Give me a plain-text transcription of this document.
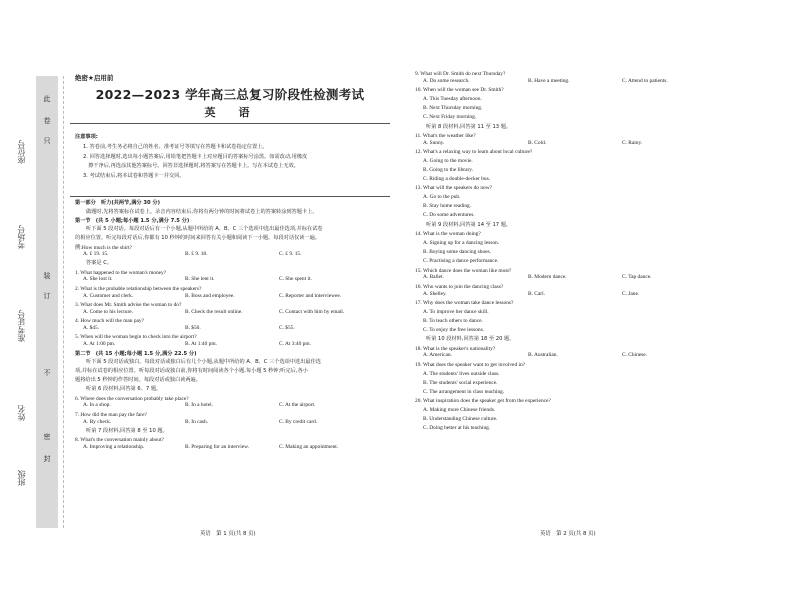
此
卷
只
装
订
不
密
封
准考证号
考场号
座位号
姓名
班级
绝密★启用前
2022—2023 学年高三总复习阶段性检测考试
英　语

注意事项:

1. 答卷前,考生务必将自己的姓名、准考证号等填写在答题卡和试卷指定位置上。

2. 回答选择题时,选出每小题答案后,用铅笔把答题卡上对应题目的答案标号涂黑。如需改动,用橡皮

　擦干净后,再选涂其他答案标号。回答非选择题时,将答案写在答题卡上。写在本试卷上无效。

3. 考试结束后,将本试卷和答题卡一并交回。

第一部分　听力(共两节,满分 30 分)

做题时,先将答案标在试卷上。录音内容结束后,你将有两分钟的时间将试卷上的答案转涂到答题卡上。

第一节　(共 5 小题;每小题 1.5 分,满分 7.5 分)

听下面 5 段对话。每段对话后有一个小题,从题中所给的 A、B、C 三个选项中选出最佳选项,并标在试卷

的相应位置。听完每段对话后,你都有 10 秒钟的时间来回答有关小题和阅读下一小题。每段对话仅读一遍。

例:How much is the shirt?

A. £ 19. 15.	B. £ 9. 18.	C. £ 9. 15.

答案是 C。

1. What happened to the woman's money?

A. She lost it.	B. She lent it.	C. She spent it.

2. What is the probable relationship between the speakers?

A. Customer and clerk.	B. Boss and employee.	C. Reporter and interviewee.

3. What does Mr. Smith advise the woman to do?

A. Come to his lecture.	B. Check the result online.	C. Contact with him by email.

4. How much will the man pay?

A. $45.	B. $50.	C. $55.

5. When will the woman begin to check into the airport?

A. At 1:00 pm.	B. At 1:40 pm.	C. At 3:40 pm.

第二节　(共 15 小题;每小题 1.5 分,满分 22.5 分)

听下面 5 段对话或独白。每段对话或独白后有几个小题,从题中所给的 A、B、C 三个选项中选出最佳选

项,并标在试卷的相应位置。听每段对话或独白前,你将有时间阅读各个小题,每小题 5 秒钟;听完后,各小

题将给出 5 秒钟的作答时间。每段对话或独白读两遍。

听第 6 段材料,回答第 6、7 题。

6. Where does the conversation probably take place?

A. In a shop.	B. In a hotel.	C. At the airport.

7. How did the man pay the fare?

A. By check.	B. In cash.	C. By credit card.

听第 7 段材料,回答第 8 至 10 题。

8. What's the conversation mainly about?

A. Improving a relationship.	B. Preparing for an interview.	C. Making an appointment.

9. What will Dr. Smith do next Thursday?

A. Do some research.	B. Have a meeting.	C. Attend to patients.

10. When will the woman see Dr. Smith?

A. This Tuesday afternoon.

B. Next Thursday morning.

C. Next Friday morning.

听第 8 段材料,回答第 11 至 13 题。

11. What's the weather like?

A. Sunny.	B. Cold.	C. Rainy.

12. What's a relaxing way to learn about local culture?

A. Going to the movie.

B. Going to the library.

C. Riding a double-decker bus.

13. What will the speakers do now?

A. Go to the pub.

B. Stay home reading.

C. Do some adventures.

听第 9 段材料,回答第 14 至 17 题。

14. What is the woman doing?

A. Signing up for a dancing lesson.

B. Buying some dancing shoes.

C. Practising a dance performance.

15. Which dance does the woman like most?

A. Ballet.	B. Modern dance.	C. Tap dance.

16. Who wants to join the dancing class?

A. Shelley.	B. Carl.	C. Jane.

17. Why does the woman take dance lessons?

A. To improve her dance skill.

B. To teach others to dance.

C. To enjoy the free lessons.

听第 10 段材料,回答第 18 至 20 题。

18. What is the speaker's nationality?

A. American.	B. Australian.	C. Chinese.

19. What does the speaker want to get involved in?

A. The students' lives outside class.

B. The students' social experience.

C. The arrangement in class teaching.

20. What inspiration does the speaker get from the experience?

A. Making more Chinese friends.

B. Understanding Chinese culture.

C. Doing better at his teaching.

英语　第 1 页(共 8 页)	英语　第 2 页(共 8 页)
